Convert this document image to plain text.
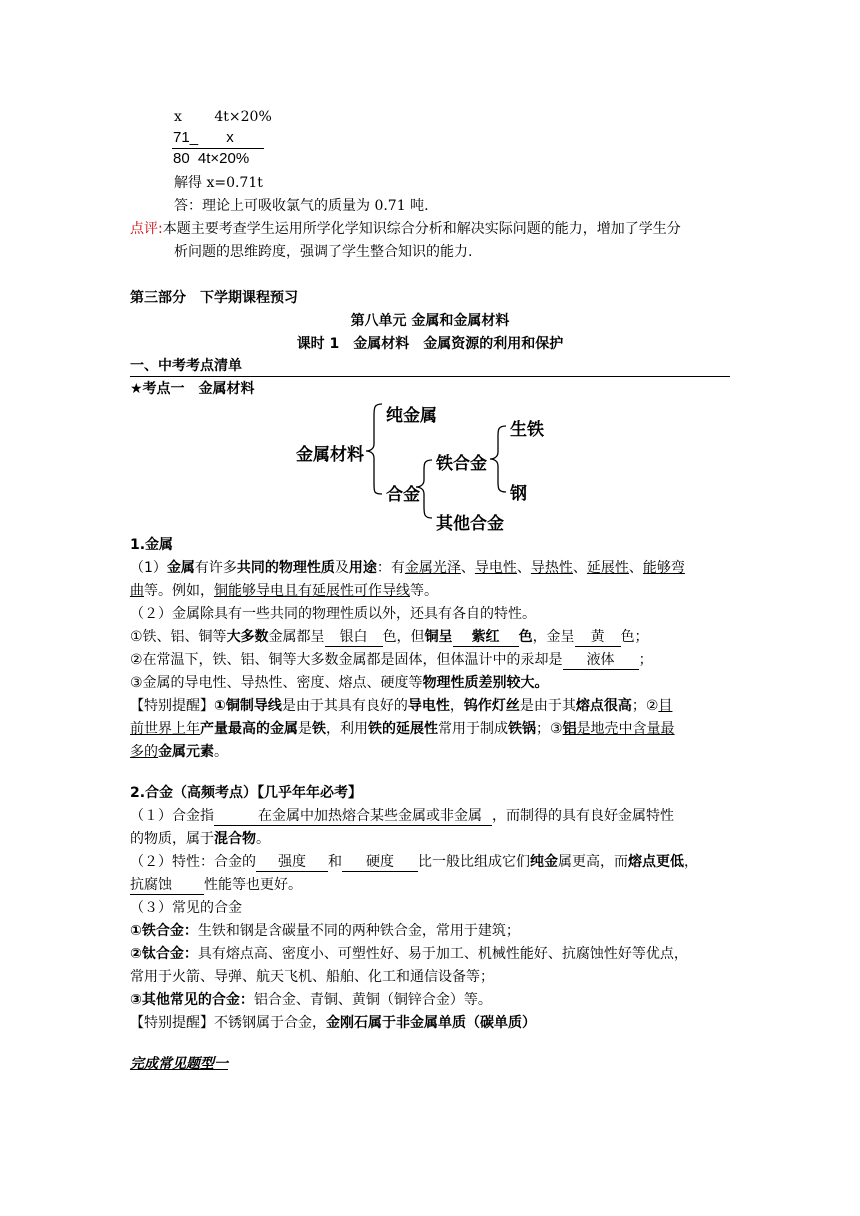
x 4t×20%
71_ x
80 4t×20%
解得 x=0.71t
答：理论上可吸收氯气的质量为 0.71 吨.
点评:本题主要考查学生运用所学化学知识综合分析和解决实际问题的能力，增加了学生分
析问题的思维跨度，强调了学生整合知识的能力.
第三部分　下学期课程预习
第八单元 金属和金属材料
课时 1　金属材料　金属资源的利用和保护
一、中考考点清单
★考点一　金属材料
金属材料
纯金属
合金
铁合金
其他合金
生铁
钢
1.金属
（1）金属有许多共同的物理性质及用途：有金属光泽、导电性、导热性、延展性、能够弯
曲等。例如，铜能够导电且有延展性可作导线等。
（２）金属除具有一些共同的物理性质以外，还具有各自的特性。
①铁、铝、铜等大多数金属都呈 银白 色，但铜呈 紫红 色，金呈 黄 色；
②在常温下，铁、铝、铜等大多数金属都是固体，但体温计中的汞却是 液体 ；
③金属的导电性、导热性、密度、熔点、硬度等物理性质差别较大。
【特别提醒】①铜制导线是由于其具有良好的导电性，钨作灯丝是由于其熔点很高；②目
前世界上年产量最高的金属是铁，利用铁的延展性常用于制成铁锅；③铝是地壳中含量最
多的金属元素。
2.合金（高频考点）【几乎年年必考】
（１）合金指	在金属中加热熔合某些金属或非金属 ，而制得的具有良好金属特性
的物质，属于混合物。
（２）特性：合金的 强度 和 硬度 比一般比组成它们纯金属更高，而熔点更低，
抗腐蚀 性能等也更好。
（３）常见的合金
①铁合金：生铁和钢是含碳量不同的两种铁合金，常用于建筑；
②钛合金：具有熔点高、密度小、可塑性好、易于加工、机械性能好、抗腐蚀性好等优点，
常用于火箭、导弹、航天飞机、船舶、化工和通信设备等；
③其他常见的合金：铝合金、青铜、黄铜（铜锌合金）等。
【特别提醒】不锈钢属于合金，金刚石属于非金属单质（碳单质）
完成常见题型一
